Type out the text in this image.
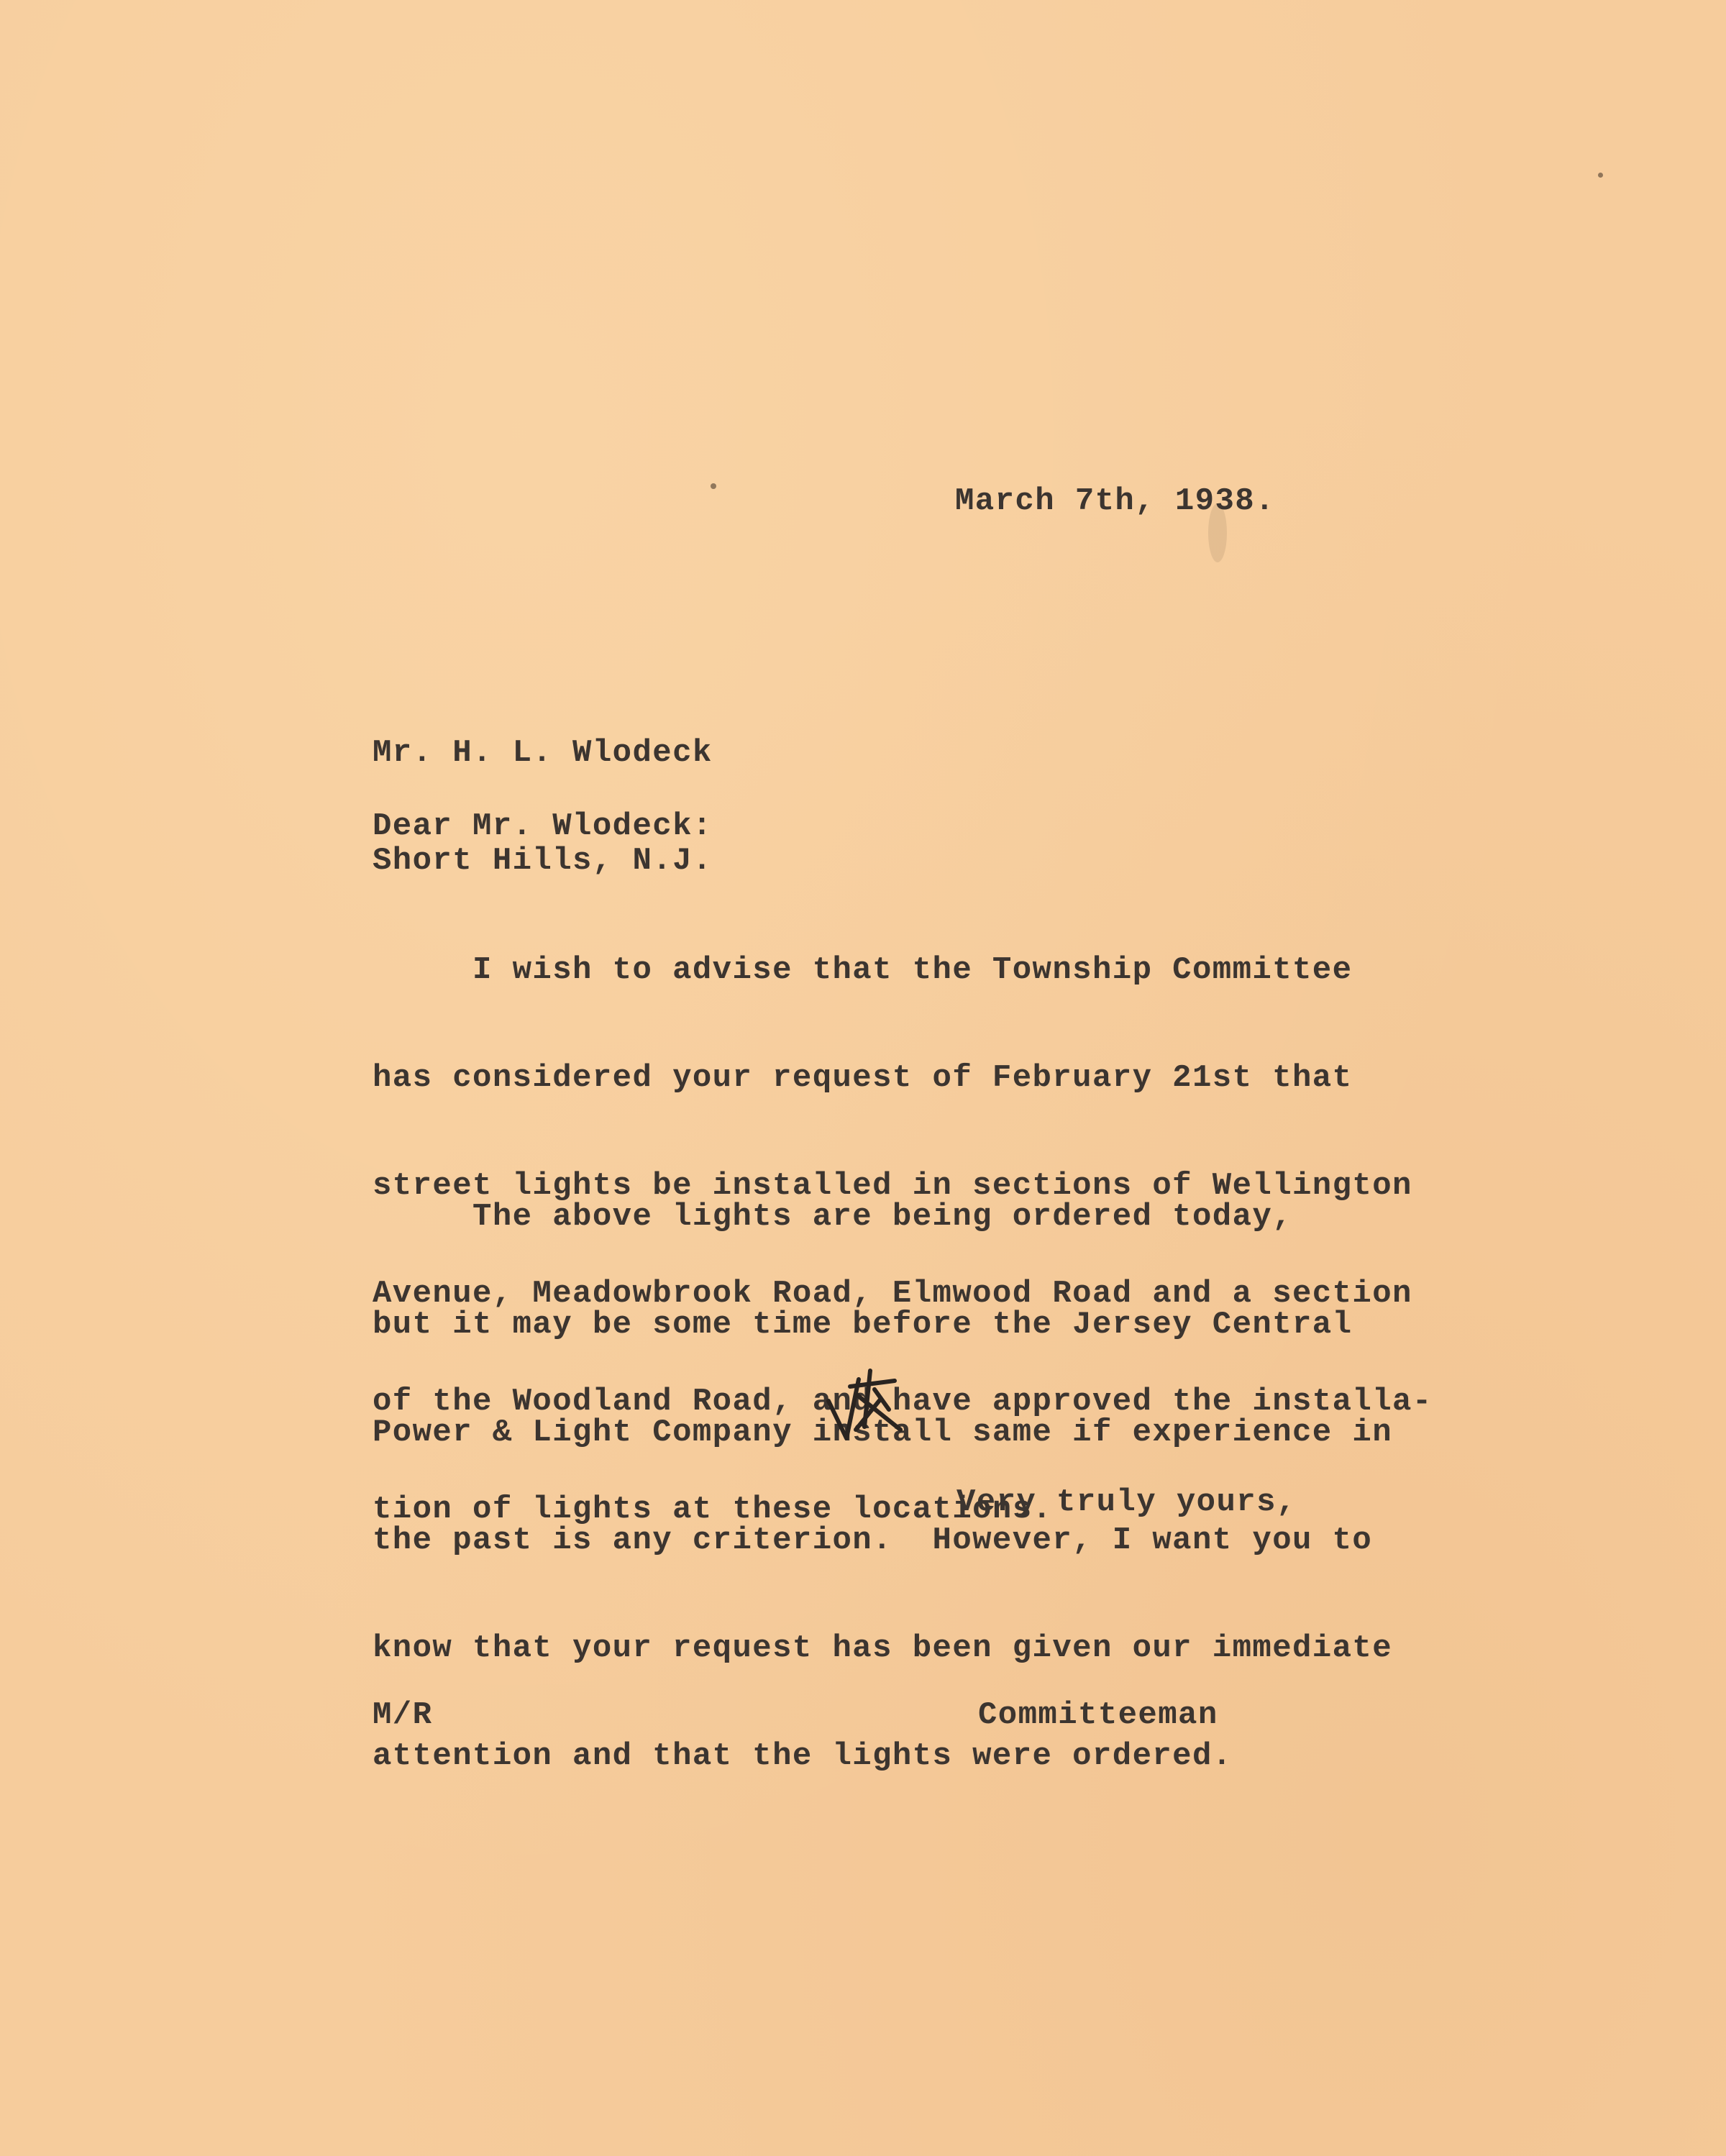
March 7th, 1938.

Mr. H. L. Wlodeck

Short Hills, N.J.

Dear Mr. Wlodeck:

I wish to advise that the Township Committee

has considered your request of February 21st that

street lights be installed in sections of Wellington

Avenue, Meadowbrook Road, Elmwood Road and a section

of the Woodland Road, and have approved the installa-

tion of lights at these locations.

The above lights are being ordered today,

but it may be some time before the Jersey Central

Power & Light Company install same if experience in

the past is any criterion.  However, I want you to

know that your request has been given our immediate

attention and that the lights were ordered.

Very truly yours,
M/R	Committeeman
